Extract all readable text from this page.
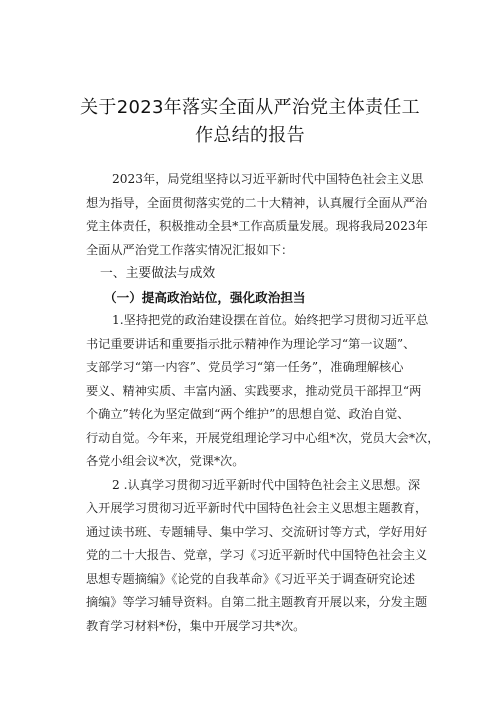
关于2023年落实全面从严治党主体责任工
作总结的报告
2023年，局党组坚持以习近平新时代中国特色社会主义思
想为指导，全面贯彻落实党的二十大精神，认真履行全面从严治
党主体责任，积极推动全县*工作高质量发展。现将我局2023年
全面从严治党工作落实情况汇报如下：
一、主要做法与成效
（一）提高政治站位，强化政治担当
1.坚持把党的政治建设摆在首位。始终把学习贯彻习近平总
书记重要讲话和重要指示批示精神作为理论学习“第一议题”、
支部学习“第一内容”、党员学习“第一任务”，准确理解核心
要义、精神实质、丰富内涵、实践要求，推动党员干部捍卫“两
个确立”转化为坚定做到“两个维护”的思想自觉、政治自觉、
行动自觉。今年来，开展党组理论学习中心组*次，党员大会*次，
各党小组会议*次，党课*次。
2 .认真学习贯彻习近平新时代中国特色社会主义思想。深
入开展学习贯彻习近平新时代中国特色社会主义思想主题教育，
通过读书班、专题辅导、集中学习、交流研讨等方式，学好用好
党的二十大报告、党章，学习《习近平新时代中国特色社会主义
思想专题摘编》《论党的自我革命》《习近平关于调查研究论述
摘编》等学习辅导资料。自第二批主题教育开展以来，分发主题
教育学习材料*份，集中开展学习共*次。
